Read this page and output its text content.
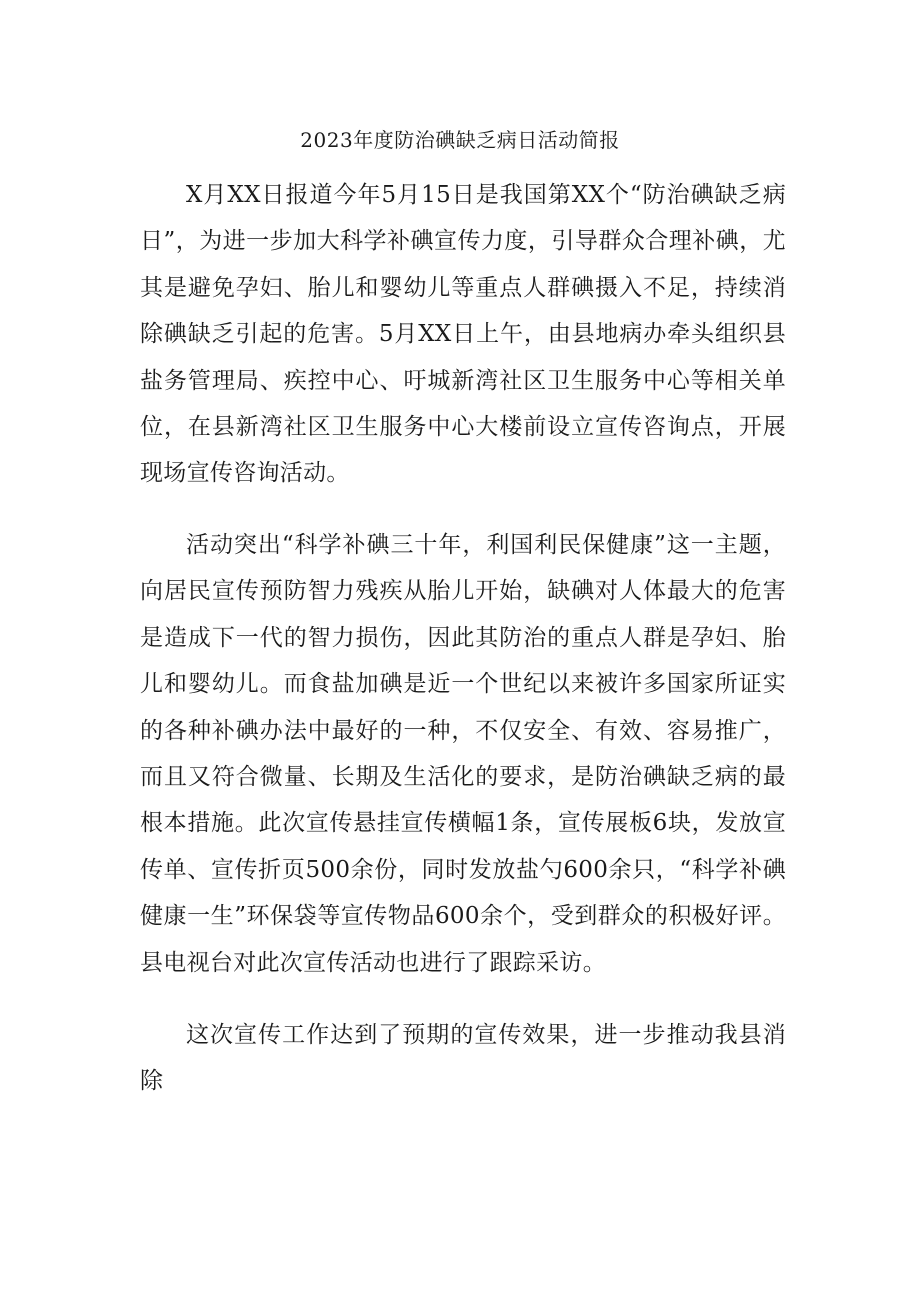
2023年度防治碘缺乏病日活动简报

X月XX日报道今年5月15日是我国第XX个“防治碘缺乏病日”，为进一步加大科学补碘宣传力度，引导群众合理补碘，尤其是避免孕妇、胎儿和婴幼儿等重点人群碘摄入不足，持续消除碘缺乏引起的危害。5月XX日上午，由县地病办牵头组织县盐务管理局、疾控中心、吁城新湾社区卫生服务中心等相关单位，在县新湾社区卫生服务中心大楼前设立宣传咨询点，开展现场宣传咨询活动。

活动突出“科学补碘三十年，利国利民保健康”这一主题，向居民宣传预防智力残疾从胎儿开始，缺碘对人体最大的危害是造成下一代的智力损伤，因此其防治的重点人群是孕妇、胎儿和婴幼儿。而食盐加碘是近一个世纪以来被许多国家所证实的各种补碘办法中最好的一种，不仅安全、有效、容易推广，而且又符合微量、长期及生活化的要求，是防治碘缺乏病的最根本措施。此次宣传悬挂宣传横幅1条，宣传展板6块，发放宣传单、宣传折页500余份，同时发放盐勺600余只，“科学补碘健康一生”环保袋等宣传物品600余个，受到群众的积极好评。县电视台对此次宣传活动也进行了跟踪采访。

这次宣传工作达到了预期的宣传效果，进一步推动我县消除
